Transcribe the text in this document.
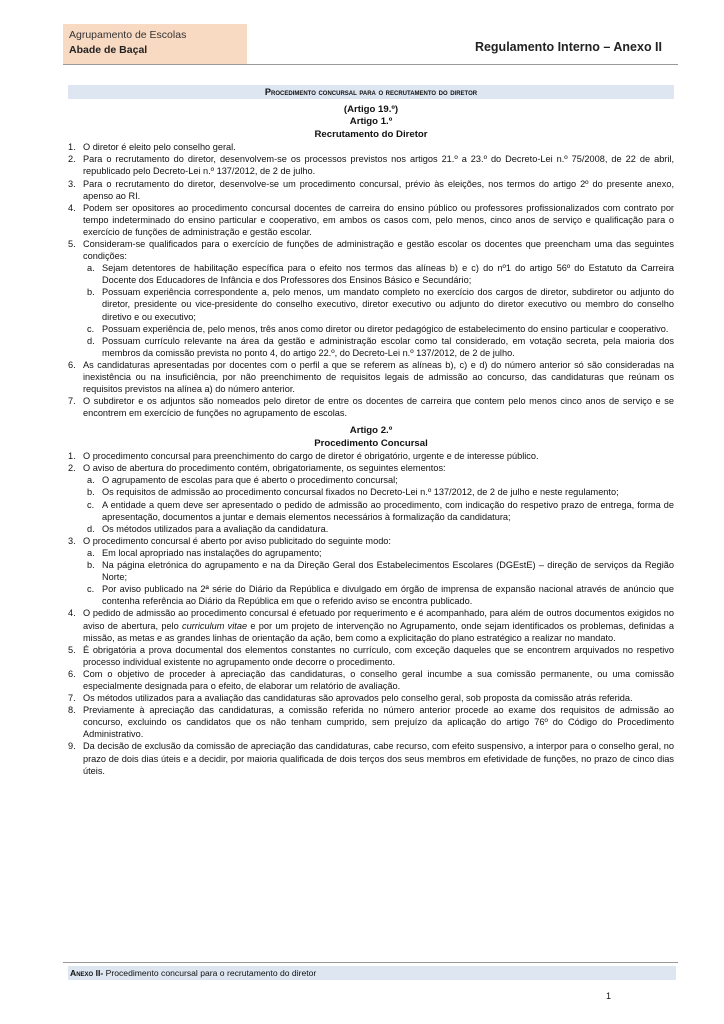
Agrupamento de Escolas
Abade de Baçal	Regulamento Interno – Anexo II
Procedimento concursal para o recrutamento do diretor
(Artigo 19.º)
Artigo 1.º
Recrutamento do Diretor
1. O diretor é eleito pelo conselho geral.
2. Para o recrutamento do diretor, desenvolvem-se os processos previstos nos artigos 21.º a 23.º do Decreto-Lei n.º 75/2008, de 22 de abril, republicado pelo Decreto-Lei n.º 137/2012, de 2 de julho.
3. Para o recrutamento do diretor, desenvolve-se um procedimento concursal, prévio às eleições, nos termos do artigo 2º do presente anexo, apenso ao RI.
4. Podem ser opositores ao procedimento concursal docentes de carreira do ensino público ou professores profissionalizados com contrato por tempo indeterminado do ensino particular e cooperativo, em ambos os casos com, pelo menos, cinco anos de serviço e qualificação para o exercício de funções de administração e gestão escolar.
5. Consideram-se qualificados para o exercício de funções de administração e gestão escolar os docentes que preencham uma das seguintes condições:
a. Sejam detentores de habilitação específica para o efeito nos termos das alíneas b) e c) do nº1 do artigo 56º do Estatuto da Carreira Docente dos Educadores de Infância e dos Professores dos Ensinos Básico e Secundário;
b. Possuam experiência correspondente a, pelo menos, um mandato completo no exercício dos cargos de diretor, subdiretor ou adjunto do diretor, presidente ou vice-presidente do conselho executivo, diretor executivo ou adjunto do diretor executivo ou membro do conselho diretivo e ou executivo;
c. Possuam experiência de, pelo menos, três anos como diretor ou diretor pedagógico de estabelecimento do ensino particular e cooperativo.
d. Possuam currículo relevante na área da gestão e administração escolar como tal considerado, em votação secreta, pela maioria dos membros da comissão prevista no ponto 4, do artigo 22.º, do Decreto-Lei n.º 137/2012, de 2 de julho.
6. As candidaturas apresentadas por docentes com o perfil a que se referem as alíneas b), c) e d) do número anterior só são consideradas na inexistência ou na insuficiência, por não preenchimento de requisitos legais de admissão ao concurso, das candidaturas que reúnam os requisitos previstos na alínea a) do número anterior.
7. O subdiretor e os adjuntos são nomeados pelo diretor de entre os docentes de carreira que contem pelo menos cinco anos de serviço e se encontrem em exercício de funções no agrupamento de escolas.
Artigo 2.º
Procedimento Concursal
1. O procedimento concursal para preenchimento do cargo de diretor é obrigatório, urgente e de interesse público.
2. O aviso de abertura do procedimento contém, obrigatoriamente, os seguintes elementos:
a. O agrupamento de escolas para que é aberto o procedimento concursal;
b. Os requisitos de admissão ao procedimento concursal fixados no Decreto-Lei n.º 137/2012, de 2 de julho e neste regulamento;
c. A entidade a quem deve ser apresentado o pedido de admissão ao procedimento, com indicação do respetivo prazo de entrega, forma de apresentação, documentos a juntar e demais elementos necessários à formalização da candidatura;
d. Os métodos utilizados para a avaliação da candidatura.
3. O procedimento concursal é aberto por aviso publicitado do seguinte modo:
a. Em local apropriado nas instalações do agrupamento;
b. Na página eletrónica do agrupamento e na da Direção Geral dos Estabelecimentos Escolares (DGEstE) – direção de serviços da Região Norte;
c. Por aviso publicado na 2ª série do Diário da República e divulgado em órgão de imprensa de expansão nacional através de anúncio que contenha referência ao Diário da República em que o referido aviso se encontra publicado.
4. O pedido de admissão ao procedimento concursal é efetuado por requerimento e é acompanhado, para além de outros documentos exigidos no aviso de abertura, pelo curriculum vitae e por um projeto de intervenção no Agrupamento, onde sejam identificados os problemas, definidas a missão, as metas e as grandes linhas de orientação da ação, bem como a explicitação do plano estratégico a realizar no mandato.
5. É obrigatória a prova documental dos elementos constantes no currículo, com exceção daqueles que se encontrem arquivados no respetivo processo individual existente no agrupamento onde decorre o procedimento.
6. Com o objetivo de proceder à apreciação das candidaturas, o conselho geral incumbe a sua comissão permanente, ou uma comissão especialmente designada para o efeito, de elaborar um relatório de avaliação.
7. Os métodos utilizados para a avaliação das candidaturas são aprovados pelo conselho geral, sob proposta da comissão atrás referida.
8. Previamente à apreciação das candidaturas, a comissão referida no número anterior procede ao exame dos requisitos de admissão ao concurso, excluindo os candidatos que os não tenham cumprido, sem prejuízo da aplicação do artigo 76º do Código do Procedimento Administrativo.
9. Da decisão de exclusão da comissão de apreciação das candidaturas, cabe recurso, com efeito suspensivo, a interpor para o conselho geral, no prazo de dois dias úteis e a decidir, por maioria qualificada de dois terços dos seus membros em efetividade de funções, no prazo de cinco dias úteis.
Anexo II- Procedimento concursal para o recrutamento do diretor
1
